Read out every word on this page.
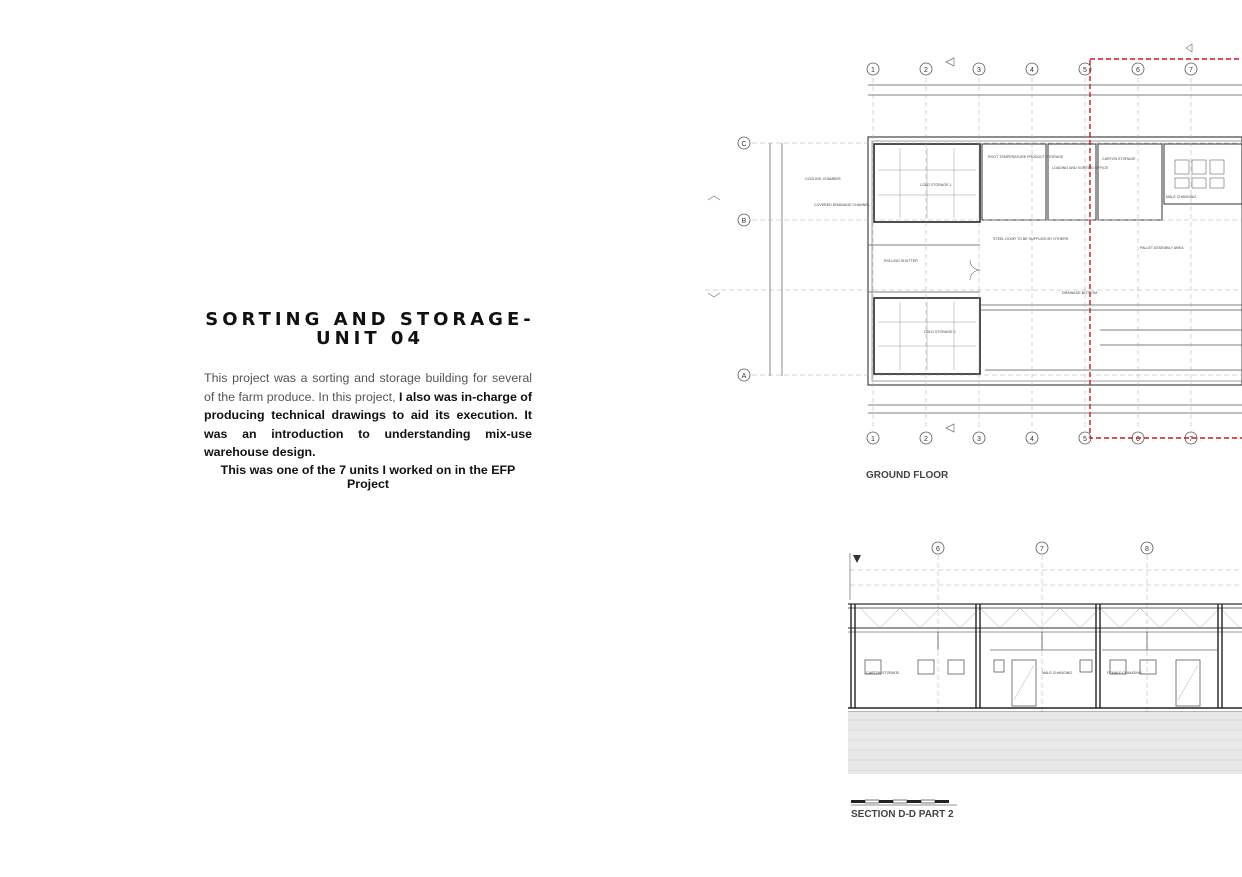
SORTING AND STORAGE-
UNIT 04
This project was a sorting and storage building for several of the farm produce. In this project, I also was in-charge of producing technical drawings to aid its execution. It was an introduction to understanding mix-use warehouse design.
This was one of the 7 units I worked on in the EFP Project
1	2	3	4	5	6	7
1	2	3	4	5	6	7
C
B
A
COLD STORAGE 1
ROOT TEMPERATURE PRODUCT STORAGE	CARTON STORAGE
COLD STORAGE 2
PALLET ASSEMBLY AREA
MALE CHANGING
DRAINAGE BOTTOM
LOADING AND SORTING OFFICE
STEEL DOOR TO BE SUPPLIED BY OTHERS
COOLING CHAMBER
COVERED DRAINAGE CHANNEL
ROLLING SHUTTER
GROUND FLOOR
6	7	8
CARTON STORAGE	MALE CHANGING	FEMALE CHANGING
SECTION D-D PART 2
